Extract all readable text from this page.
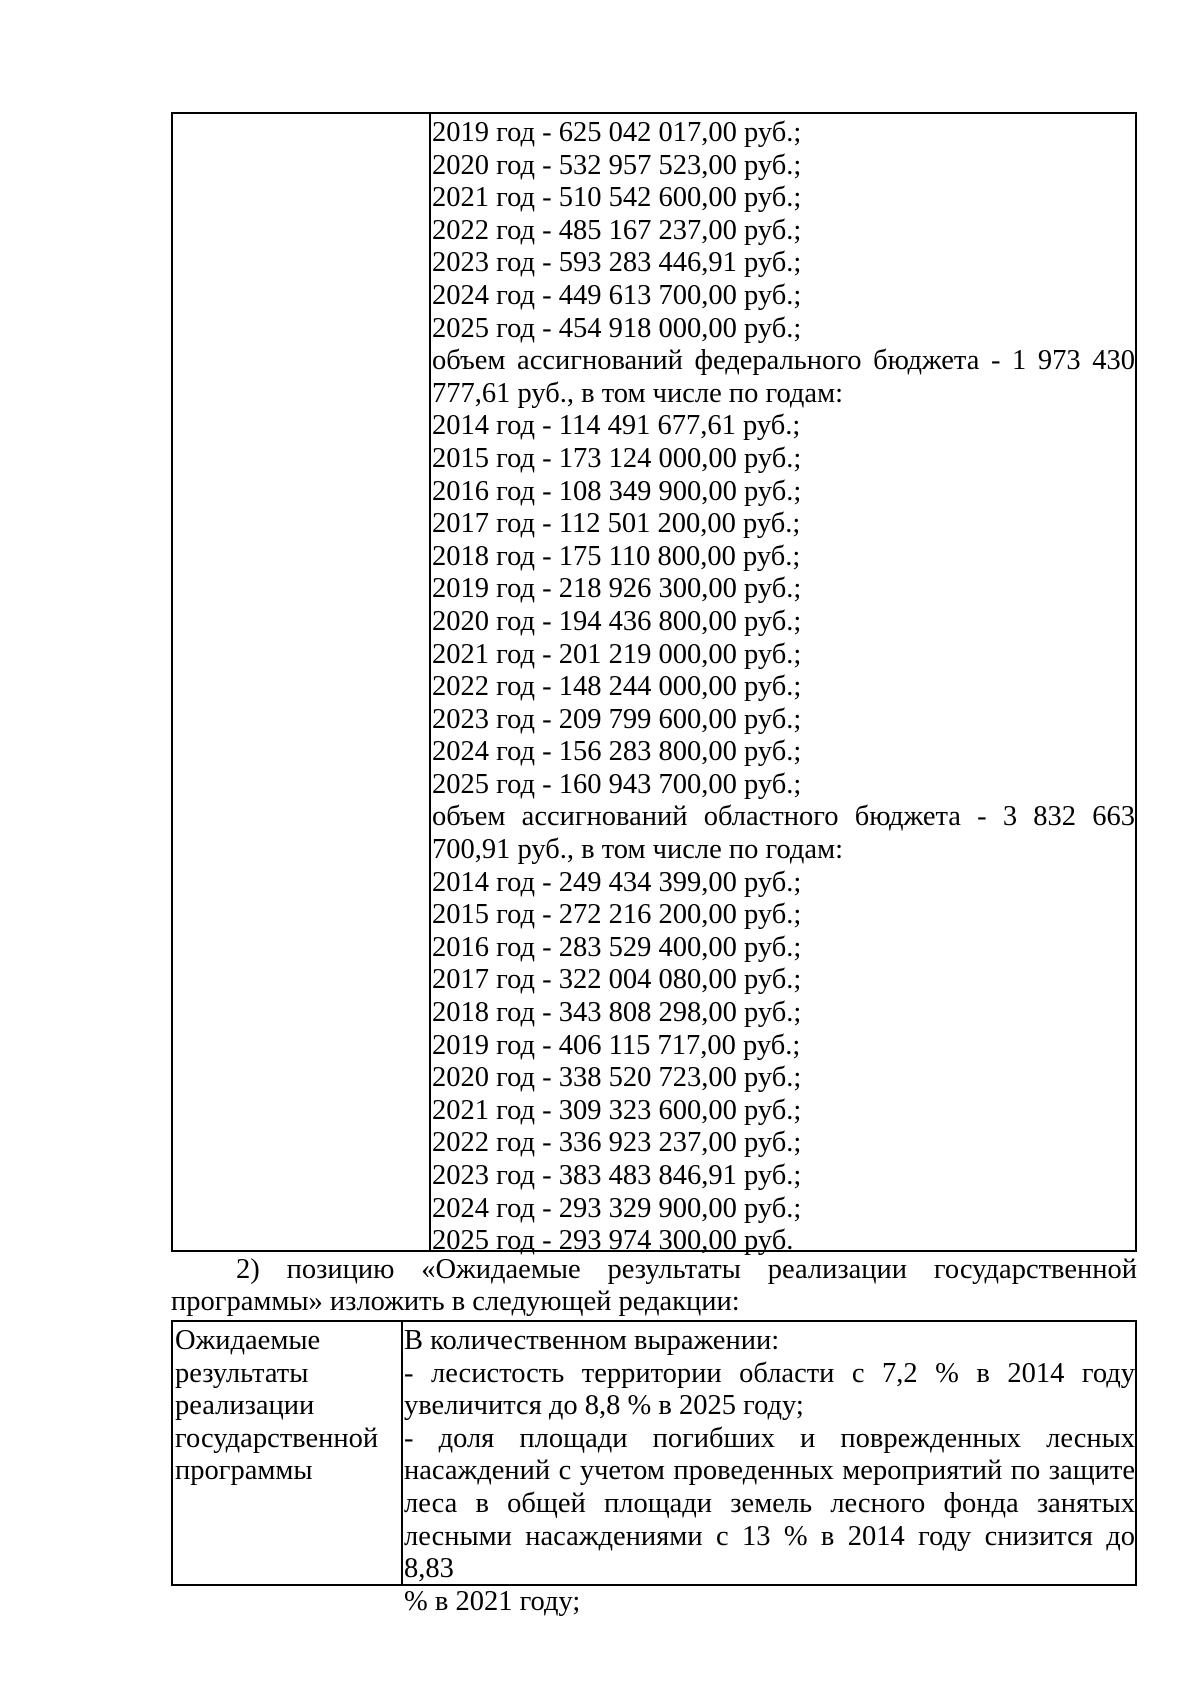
2019 год - 625 042 017,00 руб.;
2020 год - 532 957 523,00 руб.;
2021 год - 510 542 600,00 руб.;
2022 год - 485 167 237,00 руб.;
2023 год - 593 283 446,91 руб.;
2024 год - 449 613 700,00 руб.;
2025 год - 454 918 000,00 руб.;
объем ассигнований федерального бюджета - 1 973 430
777,61 руб., в том числе по годам:
2014 год - 114 491 677,61 руб.;
2015 год - 173 124 000,00 руб.;
2016 год - 108 349 900,00 руб.;
2017 год - 112 501 200,00 руб.;
2018 год - 175 110 800,00 руб.;
2019 год - 218 926 300,00 руб.;
2020 год - 194 436 800,00 руб.;
2021 год - 201 219 000,00 руб.;
2022 год - 148 244 000,00 руб.;
2023 год - 209 799 600,00 руб.;
2024 год - 156 283 800,00 руб.;
2025 год - 160 943 700,00 руб.;
объем ассигнований областного бюджета - 3 832 663
700,91 руб., в том числе по годам:
2014 год - 249 434 399,00 руб.;
2015 год - 272 216 200,00 руб.;
2016 год - 283 529 400,00 руб.;
2017 год - 322 004 080,00 руб.;
2018 год - 343 808 298,00 руб.;
2019 год - 406 115 717,00 руб.;
2020 год - 338 520 723,00 руб.;
2021 год - 309 323 600,00 руб.;
2022 год - 336 923 237,00 руб.;
2023 год - 383 483 846,91 руб.;
2024 год - 293 329 900,00 руб.;
2025 год - 293 974 300,00 руб.
2) позицию «Ожидаемые результаты реализации государственной
программы» изложить в следующей редакции:
Ожидаемые
результаты
реализации
государственной
программы
В количественном выражении:
- лесистость территории области с 7,2 % в 2014 году
увеличится до 8,8 % в 2025 году;
- доля площади погибших и поврежденных лесных
насаждений с учетом проведенных мероприятий по защите
леса в общей площади земель лесного фонда занятых
лесными насаждениями с 13 % в 2014 году снизится до 8,83
% в 2021 году;
